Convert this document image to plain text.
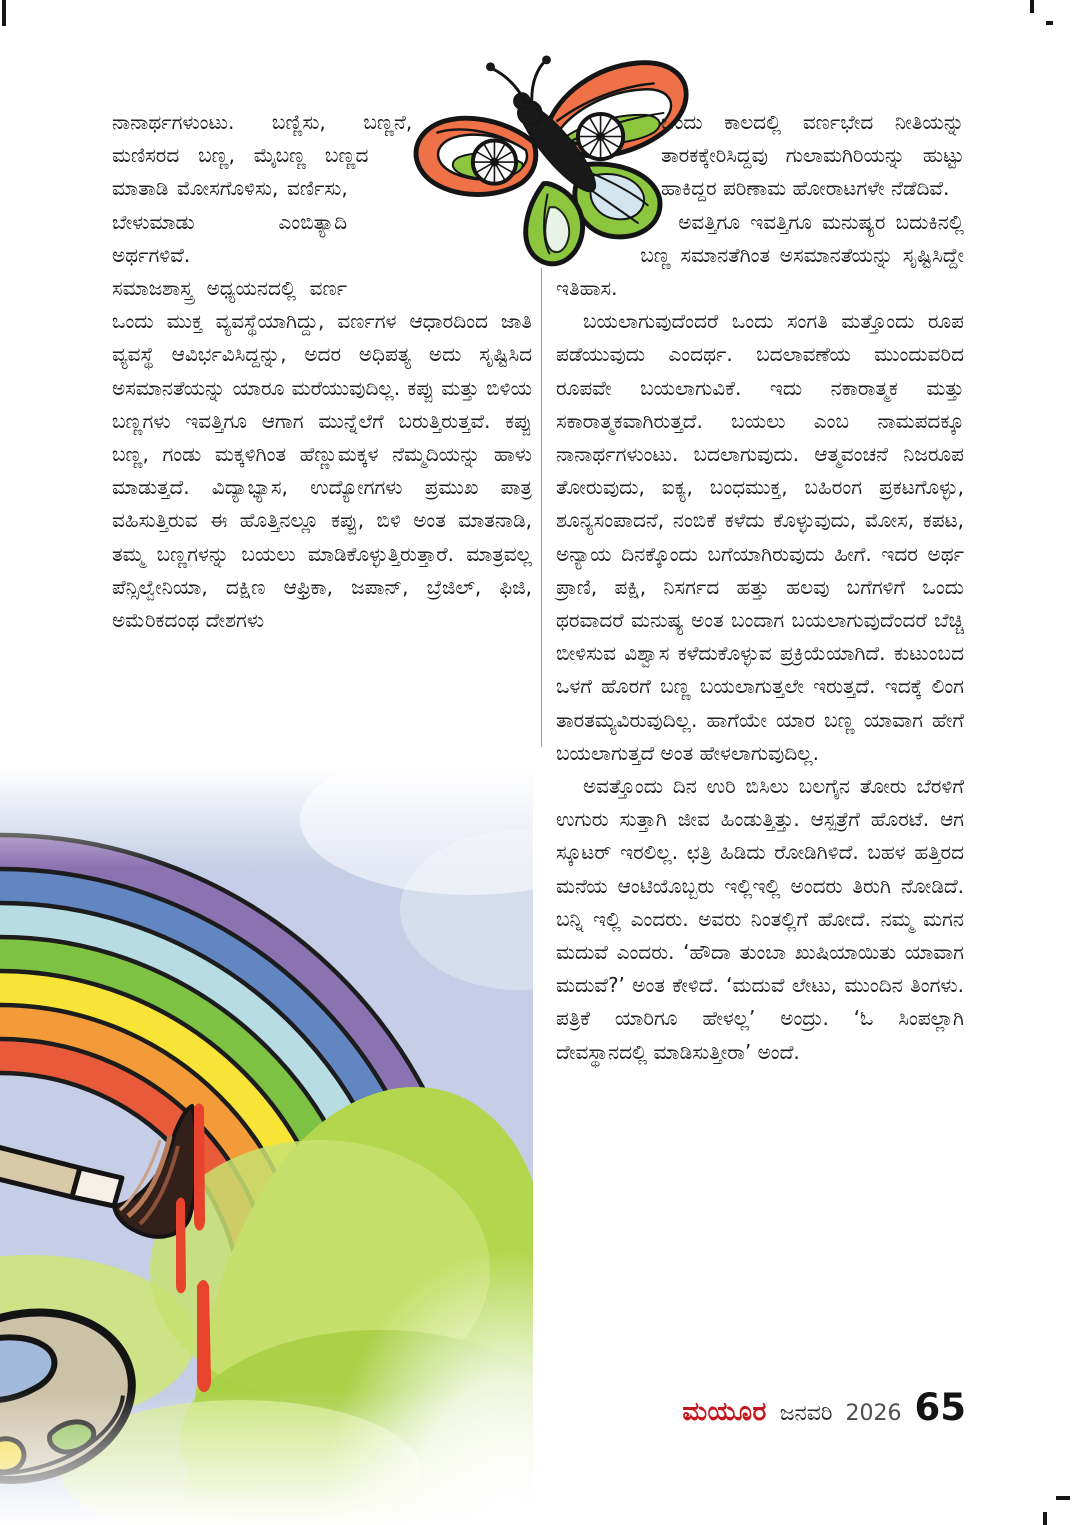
ನಾನಾರ್ಥಗಳುಂಟು. ಬಣ್ಣಿಸು, ಬಣ್ಣನೆ, ಮಣಿಸರದ ಬಣ್ಣ, ಮೈಬಣ್ಣ ಬಣ್ಣದ ಮಾತಾಡಿ ಮೋಸಗೊಳಿಸು, ವರ್ಣಿಸು, ಬೇಳುಮಾಡು ಎಂಬಿತ್ಯಾದಿ ಅರ್ಥಗಳಿವೆ.

ಸಮಾಜಶಾಸ್ತ್ರ ಅಧ್ಯಯನದಲ್ಲಿ ವರ್ಣ ಒಂದು ಮುಕ್ತ ವ್ಯವಸ್ಥೆಯಾಗಿದ್ದು, ವರ್ಣಗಳ ಆಧಾರದಿಂದ ಜಾತಿ ವ್ಯವಸ್ಥೆ ಆವಿರ್ಭವಿಸಿದ್ದನ್ನು, ಅದರ ಅಧಿಪತ್ಯ ಅದು ಸೃಷ್ಟಿಸಿದ ಅಸಮಾನತೆಯನ್ನು ಯಾರೂ ಮರೆಯುವುದಿಲ್ಲ. ಕಪ್ಪು ಮತ್ತು ಬಿಳಿಯ ಬಣ್ಣಗಳು ಇವತ್ತಿಗೂ ಆಗಾಗ ಮುನ್ನೆಲೆಗೆ ಬರುತ್ತಿರುತ್ತವೆ. ಕಪ್ಪು ಬಣ್ಣ, ಗಂಡು ಮಕ್ಕಳಿಗಿಂತ ಹೆಣ್ಣುಮಕ್ಕಳ ನೆಮ್ಮದಿಯನ್ನು ಹಾಳು ಮಾಡುತ್ತದೆ. ವಿದ್ಯಾಭ್ಯಾಸ, ಉದ್ಯೋಗಗಳು ಪ್ರಮುಖ ಪಾತ್ರ ವಹಿಸುತ್ತಿರುವ ಈ ಹೊತ್ತಿನಲ್ಲೂ ಕಪ್ಪು, ಬಿಳಿ ಅಂತ ಮಾತನಾಡಿ, ತಮ್ಮ ಬಣ್ಣಗಳನ್ನು ಬಯಲು ಮಾಡಿಕೊಳ್ಳುತ್ತಿರುತ್ತಾರೆ. ಮಾತ್ರವಲ್ಲ ಪೆನ್ಸಿಲ್ವೇನಿಯಾ, ದಕ್ಷಿಣ ಆಫ್ರಿಕಾ, ಜಪಾನ್, ಬ್ರೆಜಿಲ್, ಫಿಜಿ, ಅಮೆರಿಕದಂಥ ದೇಶಗಳು

ಒಂದು ಕಾಲದಲ್ಲಿ ವರ್ಣಭೇದ ನೀತಿಯನ್ನು ತಾರಕಕ್ಕೇರಿಸಿದ್ದವು ಗುಲಾಮಗಿರಿಯನ್ನು ಹುಟ್ಟು ಹಾಕಿದ್ದರ ಪರಿಣಾಮ ಹೋರಾಟಗಳೇ ನೆಡೆದಿವೆ.

ಅವತ್ತಿಗೂ ಇವತ್ತಿಗೂ ಮನುಷ್ಯರ ಬದುಕಿನಲ್ಲಿ ಬಣ್ಣ ಸಮಾನತೆಗಿಂತ ಅಸಮಾನತೆಯನ್ನು ಸೃಷ್ಟಿಸಿದ್ದೇ ಇತಿಹಾಸ.

ಬಯಲಾಗುವುದೆಂದರೆ ಒಂದು ಸಂಗತಿ ಮತ್ತೊಂದು ರೂಪ ಪಡೆಯುವುದು ಎಂದರ್ಥ. ಬದಲಾವಣೆಯ ಮುಂದುವರಿದ ರೂಪವೇ ಬಯಲಾಗುವಿಕೆ. ಇದು ನಕಾರಾತ್ಮಕ ಮತ್ತು ಸಕಾರಾತ್ಮಕವಾಗಿರುತ್ತದೆ. ಬಯಲು ಎಂಬ ನಾಮಪದಕ್ಕೂ ನಾನಾರ್ಥಗಳುಂಟು. ಬದಲಾಗುವುದು. ಆತ್ಮವಂಚನೆ ನಿಜರೂಪ ತೋರುವುದು, ಐಕ್ಯ, ಬಂಧಮುಕ್ತ, ಬಹಿರಂಗ ಪ್ರಕಟಗೊಳ್ಳು, ಶೂನ್ಯಸಂಪಾದನೆ, ನಂಬಿಕೆ ಕಳೆದು ಕೊಳ್ಳುವುದು, ಮೋಸ, ಕಪಟ, ಅನ್ಯಾಯ ದಿನಕ್ಕೊಂದು ಬಗೆಯಾಗಿರುವುದು ಹೀಗೆ. ಇದರ ಅರ್ಥ ಪ್ರಾಣಿ, ಪಕ್ಷಿ, ನಿಸರ್ಗದ ಹತ್ತು ಹಲವು ಬಗೆಗಳಿಗೆ ಒಂದು ಥರವಾದರೆ ಮನುಷ್ಯ ಅಂತ ಬಂದಾಗ ಬಯಲಾಗುವುದೆಂದರೆ ಬೆಚ್ಚಿ ಬೀಳಿಸುವ ವಿಶ್ವಾಸ ಕಳೆದುಕೊಳ್ಳುವ ಪ್ರಕ್ರಿಯೆಯಾಗಿದೆ. ಕುಟುಂಬದ ಒಳಗೆ ಹೊರಗೆ ಬಣ್ಣ ಬಯಲಾಗುತ್ತಲೇ ಇರುತ್ತದೆ. ಇದಕ್ಕೆ ಲಿಂಗ ತಾರತಮ್ಯವಿರುವುದಿಲ್ಲ. ಹಾಗೆಯೇ ಯಾರ ಬಣ್ಣ ಯಾವಾಗ ಹೇಗೆ ಬಯಲಾಗುತ್ತದೆ ಅಂತ ಹೇಳಲಾಗುವುದಿಲ್ಲ.

ಅವತ್ತೊಂದು ದಿನ ಉರಿ ಬಿಸಿಲು ಬಲಗೈನ ತೋರು ಬೆರಳಿಗೆ ಉಗುರು ಸುತ್ತಾಗಿ ಜೀವ ಹಿಂಡುತ್ತಿತ್ತು. ಆಸ್ಪತ್ರೆಗೆ ಹೊರಟೆ. ಆಗ ಸ್ಕೂಟರ್ ಇರಲಿಲ್ಲ. ಛತ್ರಿ ಹಿಡಿದು ರೋಡಿಗಿಳಿದೆ. ಬಹಳ ಹತ್ತಿರದ ಮನೆಯ ಆಂಟಿಯೊಬ್ಬರು ಇಲ್ಲಿಇಲ್ಲಿ ಅಂದರು ತಿರುಗಿ ನೋಡಿದೆ. ಬನ್ನಿ ಇಲ್ಲಿ ಎಂದರು. ಅವರು ನಿಂತಲ್ಲಿಗೆ ಹೋದೆ. ನಮ್ಮ ಮಗನ ಮದುವೆ ಎಂದರು. ‘ಹೌದಾ ತುಂಬಾ ಖುಷಿಯಾಯಿತು ಯಾವಾಗ ಮದುವೆ?’ ಅಂತ ಕೇಳಿದೆ. ‘ಮದುವೆ ಲೇಟು, ಮುಂದಿನ ತಿಂಗಳು. ಪತ್ರಿಕೆ ಯಾರಿಗೂ ಹೇಳಲ್ಲ’ ಅಂದ್ರು. ‘ಓ ಸಿಂಪಲ್ಲಾಗಿ ದೇವಸ್ಥಾನದಲ್ಲಿ ಮಾಡಿಸುತ್ತೀರಾ’ ಅಂದೆ.

ಮಯೂರ ಜನವರಿ 2026 65
